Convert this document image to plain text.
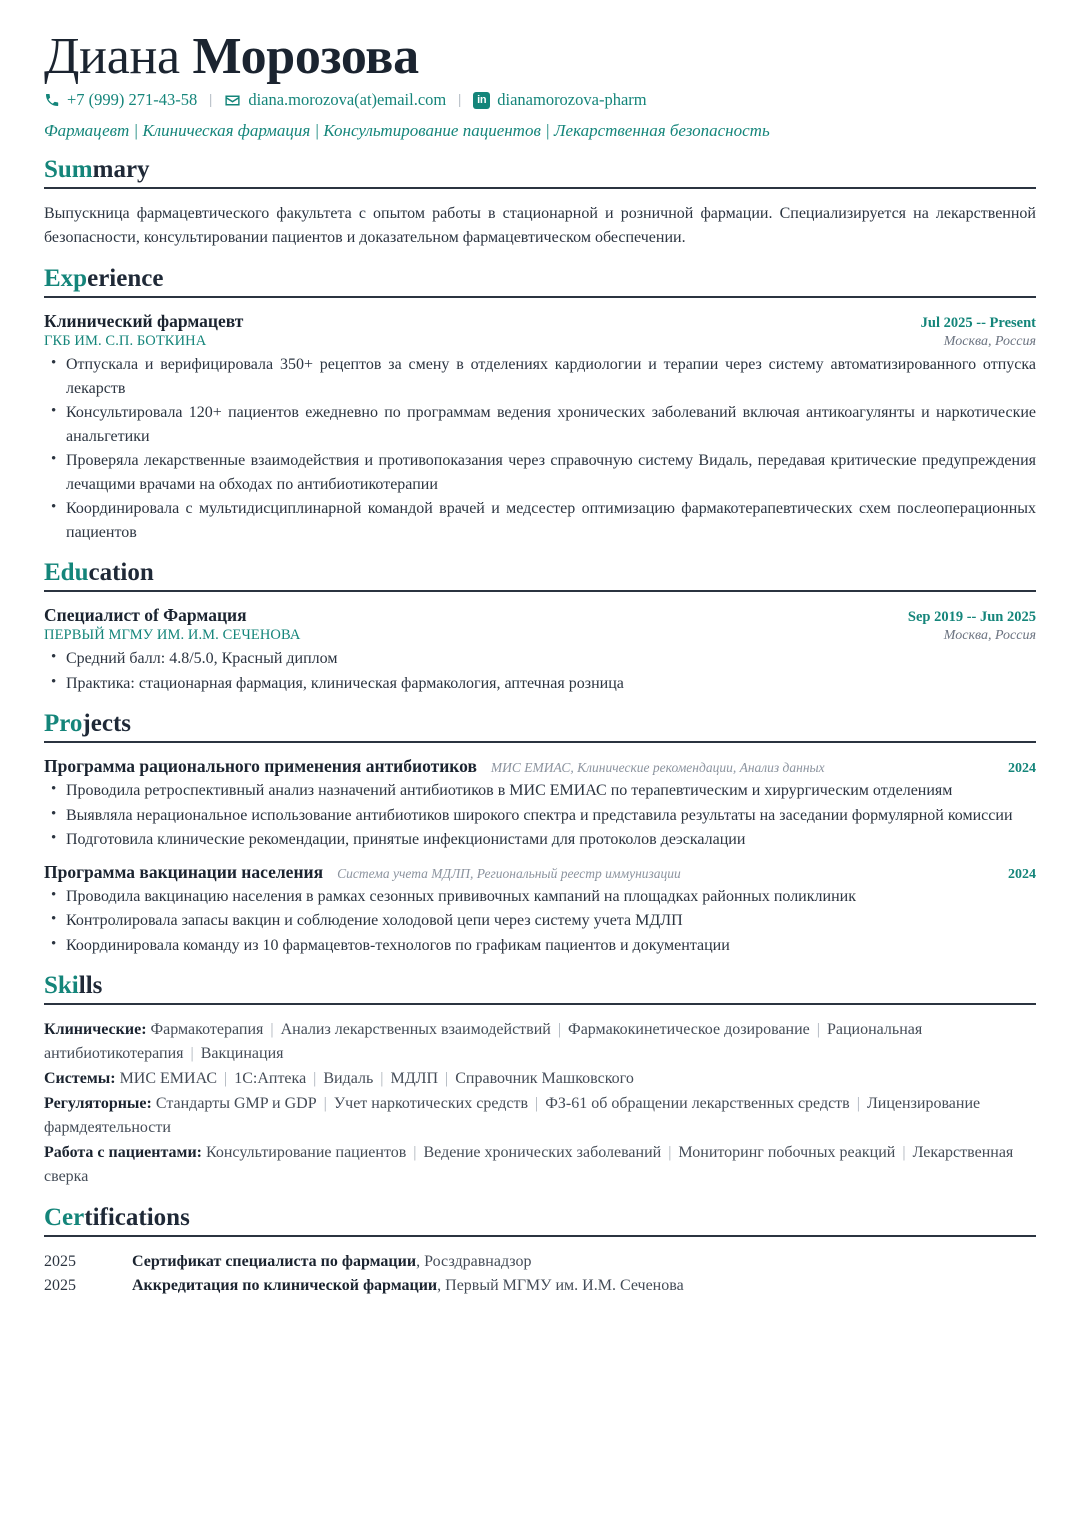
Диана Морозова
+7 (999) 271-43-58 | diana.morozova(at)email.com |	in dianamorozova-pharm
Фармацевт | Клиническая фармация | Консультирование пациентов | Лекарственная безопасность
Summary

Выпускница фармацевтического факультета с опытом работы в стационарной и розничной фармации. Специализируется на лекарственной безопасности, консультировании пациентов и доказательном фармацевтическом обеспечении.

Experience
Клинический фармацевт	Jul 2025 -- Present
ГКБ ИМ. С.П. БОТКИНА	Москва, Россия
• Отпускала и верифицировала 350+ рецептов за смену в отделениях кардиологии и терапии через систему автоматизированного отпуска лекарств
• Консультировала 120+ пациентов ежедневно по программам ведения хронических заболеваний включая антикоагулянты и наркотические анальгетики
• Проверяла лекарственные взаимодействия и противопоказания через справочную систему Видаль, передавая критические предупреждения лечащими врачами на обходах по антибиотикотерапии
• Координировала с мультидисциплинарной командой врачей и медсестер оптимизацию фармакотерапевтических схем послеоперационных пациентов
Education
Специалист of Фармация	Sep 2019 -- Jun 2025
ПЕРВЫЙ МГМУ ИМ. И.М. СЕЧЕНОВА	Москва, Россия
• Средний балл: 4.8/5.0, Красный диплом
• Практика: стационарная фармация, клиническая фармакология, аптечная розница
Projects
Программа рационального применения антибиотиков МИС ЕМИАС, Клинические рекомендации, Анализ данных	2024
• Проводила ретроспективный анализ назначений антибиотиков в МИС ЕМИАС по терапевтическим и хирургическим отделениям
• Выявляла нерациональное использование антибиотиков широкого спектра и представила результаты на заседании формулярной комиссии
• Подготовила клинические рекомендации, принятые инфекционистами для протоколов деэскалации
Программа вакцинации населения Система учета МДЛП, Региональный реестр иммунизации	2024
• Проводила вакцинацию населения в рамках сезонных прививочных кампаний на площадках районных поликлиник
• Контролировала запасы вакцин и соблюдение холодовой цепи через систему учета МДЛП
• Координировала команду из 10 фармацевтов-технологов по графикам пациентов и документации
Skills
Клинические: Фармакотерапия | Анализ лекарственных взаимодействий | Фармакокинетическое дозирование | Рациональная антибиотикотерапия | Вакцинация
Системы: МИС ЕМИАС | 1С:Аптека | Видаль | МДЛП | Справочник Машковского
Регуляторные: Стандарты GMP и GDP | Учет наркотических средств | ФЗ-61 об обращении лекарственных средств | Лицензирование фармдеятельности
Работа с пациентами: Консультирование пациентов | Ведение хронических заболеваний | Мониторинг побочных реакций | Лекарственная сверка
Certifications
2025	Сертификат специалиста по фармации, Росздравнадзор
2025	Аккредитация по клинической фармации, Первый МГМУ им. И.М. Сеченова
